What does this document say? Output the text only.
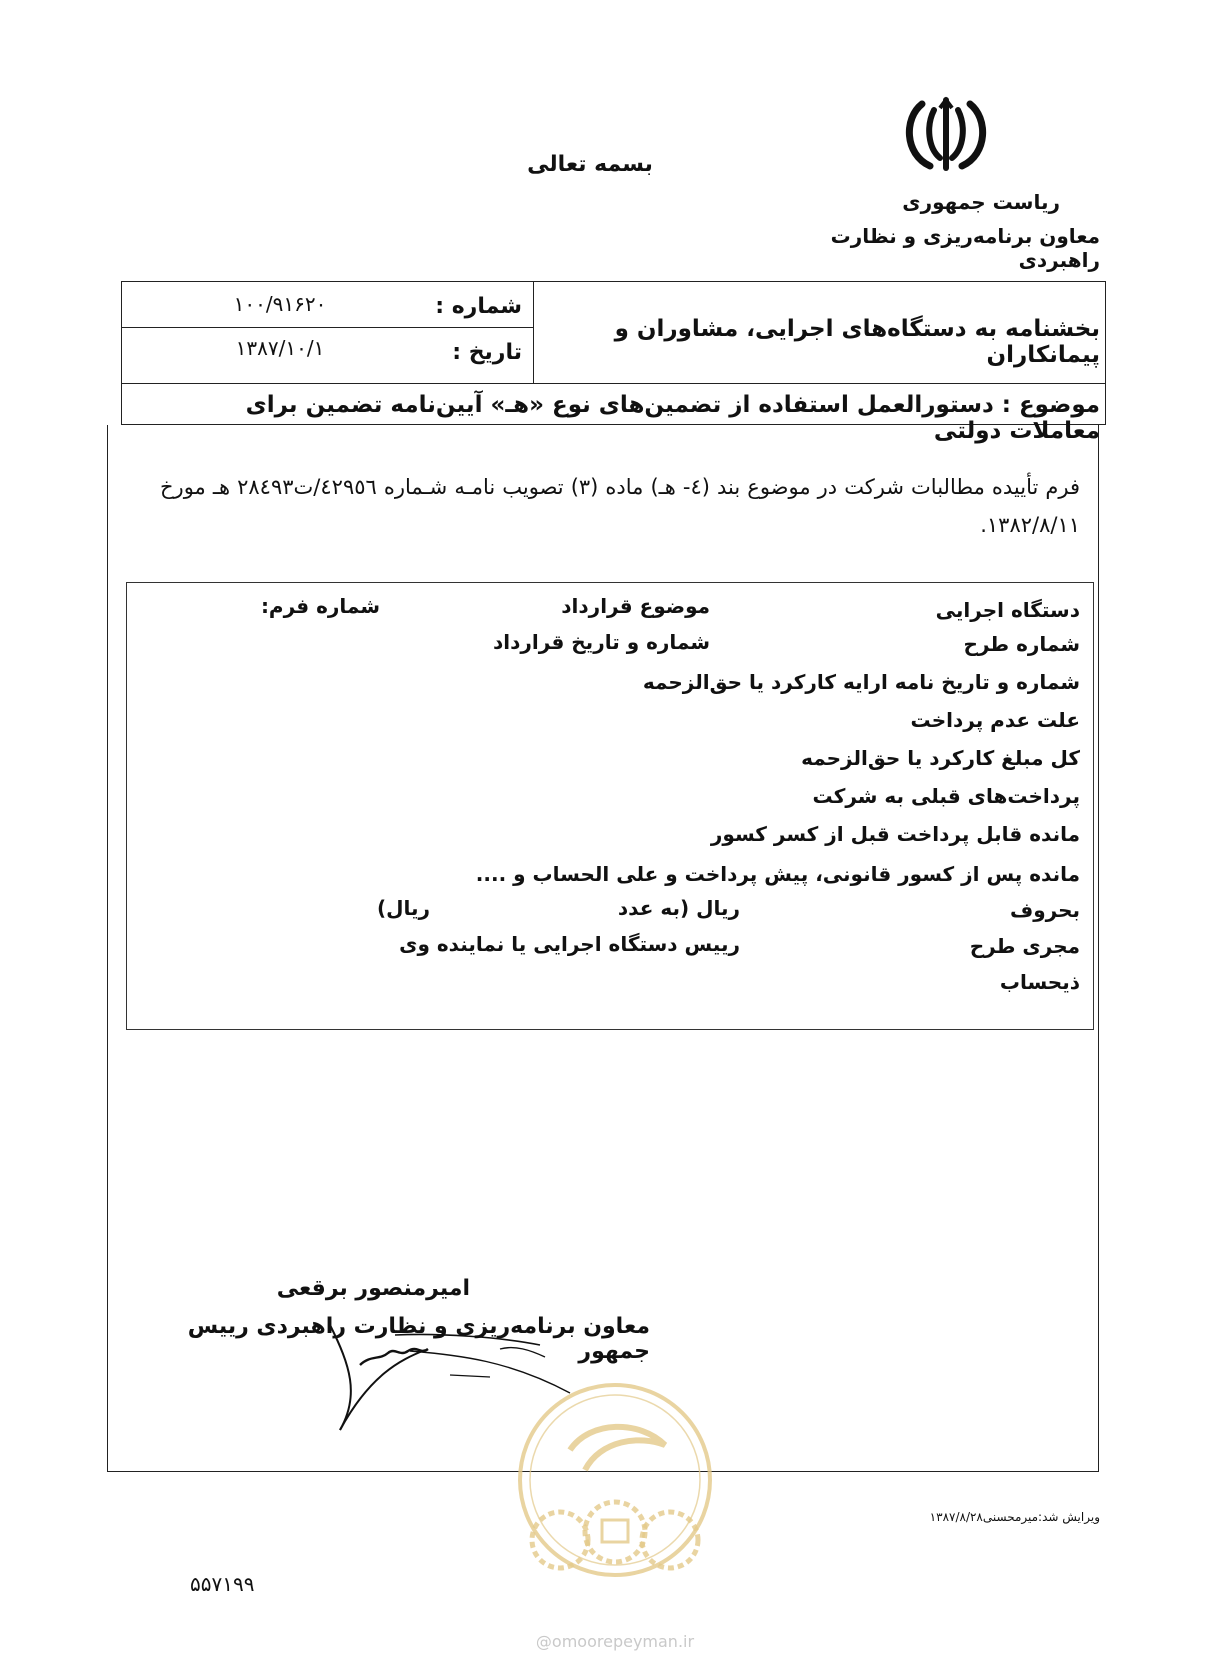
بسمه تعالی
ریاست جمهوری
معاون برنامه‌ریزی و نظارت راهبردی
شماره :
۱۰۰/۹۱۶۲۰
تاریخ :
۱۳۸۷/۱۰/۱
بخشنامه به دستگاه‌های اجرایی، مشاوران و پیمانکاران
موضوع : دستورالعمل استفاده از تضمین‌های نوع «هـ» آیین‌نامه تضمین برای معاملات دولتی
فرم تأییده مطالبات شرکت در موضوع بند (٤- هـ) ماده (۳) تصویب نامـه شـماره ٤٢٩٥٦/ت٢٨٤٩٣ هـ مورخ ۱۳۸۲/۸/۱۱.
دستگاه اجرایی
موضوع قرارداد
شماره فرم:
شماره طرح
شماره و تاریخ قرارداد
شماره و تاریخ نامه ارایه کارکرد یا حق‌الزحمه
علت عدم پرداخت
کل مبلغ کارکرد یا حق‌الزحمه
پرداخت‌های قبلی به شرکت
مانده قابل پرداخت قبل از کسر کسور
مانده پس از کسور قانونی، پیش پرداخت و علی الحساب و ....
بحروف
ریال (به عدد
ریال)
مجری طرح
رییس دستگاه اجرایی یا نماینده وی
ذیحساب
امیرمنصور برقعی
معاون برنامه‌ریزی و نظارت راهبردی رییس جمهور
ویرایش شد:میرمحسنی۱۳۸۷/۸/۲۸
۵۵۷۱۹۹
@omoorepeyman.ir
